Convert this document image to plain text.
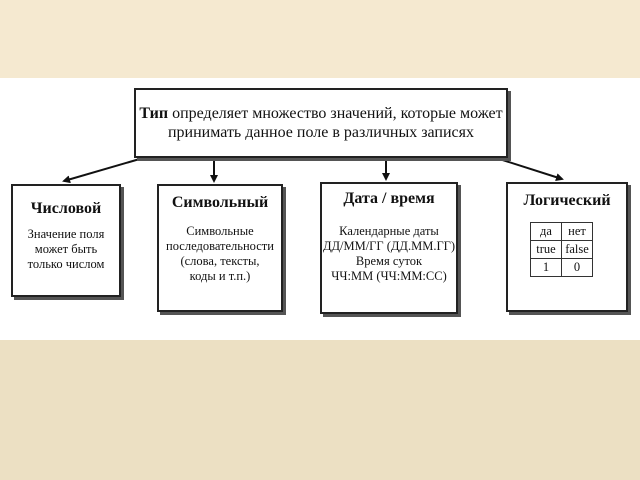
Тип определяет множество значений, которые может
принимать данное поле в различных записях
Числовой
Значение поля
может быть
только числом
Символьный
Символьные
последовательности
(слова, тексты,
коды и т.п.)
Дата / время
Календарные даты
ДД/ММ/ГГ (ДД.ММ.ГГ)
Время суток
ЧЧ:ММ (ЧЧ:ММ:СС)
Логический
да	нет
true	false
1	0
